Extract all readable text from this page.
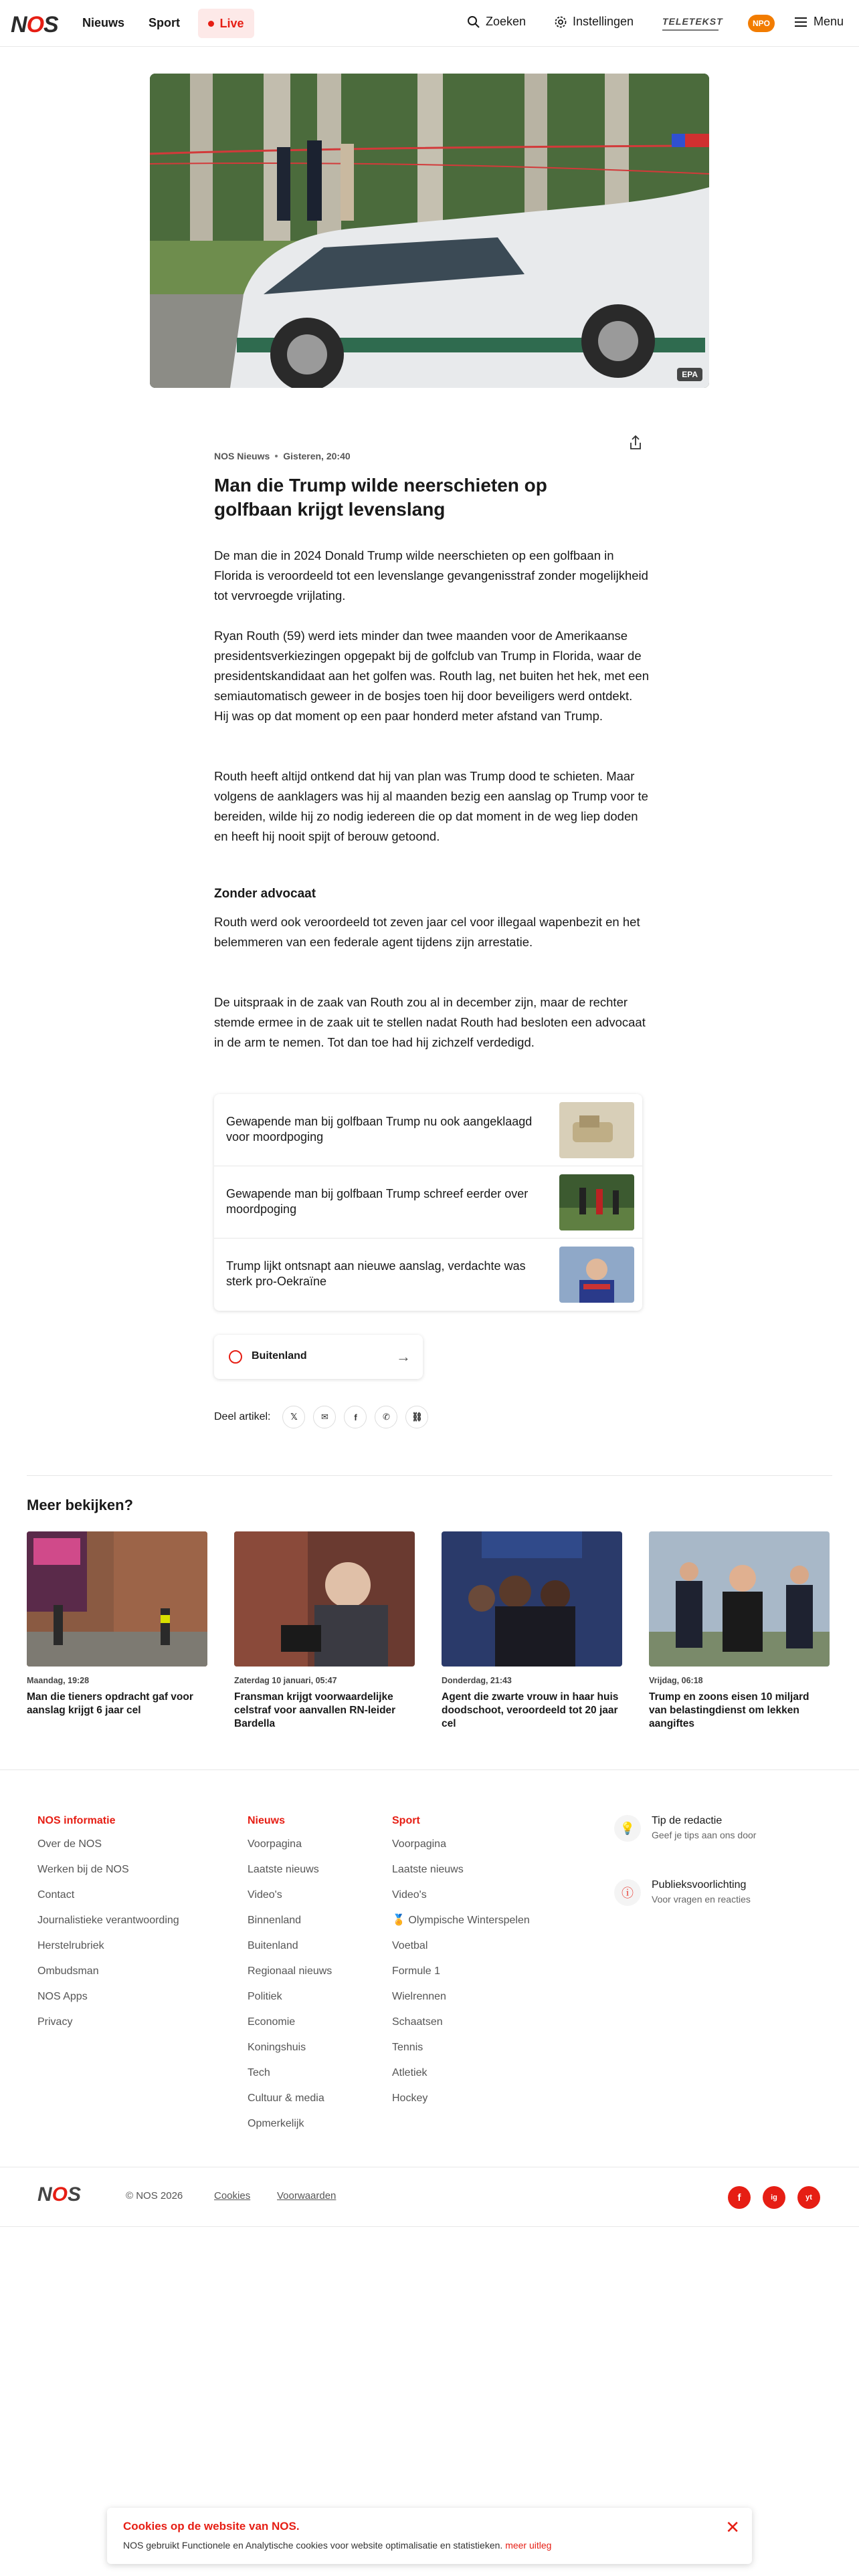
NOS Nieuws Sport	Live	Zoeken	Instellingen	TELETEKST	NPO	Menu
EPA
NOS Nieuws Gisteren, 20:40
Man die Trump wilde neerschieten op golfbaan krijgt levenslang

De man die in 2024 Donald Trump wilde neerschieten op een golfbaan in Florida is veroordeeld tot een levenslange gevangenisstraf zonder mogelijkheid tot vervroegde vrijlating.

Ryan Routh (59) werd iets minder dan twee maanden voor de Amerikaanse presidentsverkiezingen opgepakt bij de golfclub van Trump in Florida, waar de presidentskandidaat aan het golfen was. Routh lag, net buiten het hek, met een semiautomatisch geweer in de bosjes toen hij door beveiligers werd ontdekt. Hij was op dat moment op een paar honderd meter afstand van Trump.

Routh heeft altijd ontkend dat hij van plan was Trump dood te schieten. Maar volgens de aanklagers was hij al maanden bezig een aanslag op Trump voor te bereiden, wilde hij zo nodig iedereen die op dat moment in de weg liep doden en heeft hij nooit spijt of berouw getoond.

Zonder advocaat

Routh werd ook veroordeeld tot zeven jaar cel voor illegaal wapenbezit en het belemmeren van een federale agent tijdens zijn arrestatie.

De uitspraak in de zaak van Routh zou al in december zijn, maar de rechter stemde ermee in de zaak uit te stellen nadat Routh had besloten een advocaat in de arm te nemen. Tot dan toe had hij zichzelf verdedigd.

Gewapende man bij golfbaan Trump nu ook aangeklaagd voor moordpoging
Gewapende man bij golfbaan Trump schreef eerder over moordpoging
Trump lijkt ontsnapt aan nieuwe aanslag, verdachte was sterk pro-Oekraïne
Buitenland	→
Deel artikel: 𝕏	✉	f	✆ ⛓
Meer bekijken?
Maandag, 19:28
Man die tieners opdracht gaf voor aanslag krijgt 6 jaar cel
Zaterdag 10 januari, 05:47
Fransman krijgt voorwaardelijke celstraf voor aanvallen RN-leider Bardella
Donderdag, 21:43
Agent die zwarte vrouw in haar huis doodschoot, veroordeeld tot 20 jaar cel
Vrijdag, 06:18
Trump en zoons eisen 10 miljard van belastingdienst om lekken aangiftes
NOS informatie
Over de NOS
Werken bij de NOS
Contact
Journalistieke verantwoording
Herstelrubriek
Ombudsman
NOS Apps
Privacy
Nieuws
Voorpagina
Laatste nieuws
Video's
Binnenland
Buitenland
Regionaal nieuws
Politiek
Economie
Koningshuis
Tech
Cultuur & media
Opmerkelijk
Sport
Voorpagina
Laatste nieuws
Video's
🏅 Olympische Winterspelen
Voetbal
Formule 1
Wielrennen
Schaatsen
Tennis
Atletiek
Hockey
💡
Tip de redactie
Geef je tips aan ons door
ⓘ
Publieksvoorlichting
Voor vragen en reacties
NOS	© NOS 2026	Cookies	Voorwaarden	f	ig	yt
Cookies op de website van NOS.
NOS gebruikt Functionele en Analytische cookies voor website optimalisatie en statistieken. meer uitleg
✕
